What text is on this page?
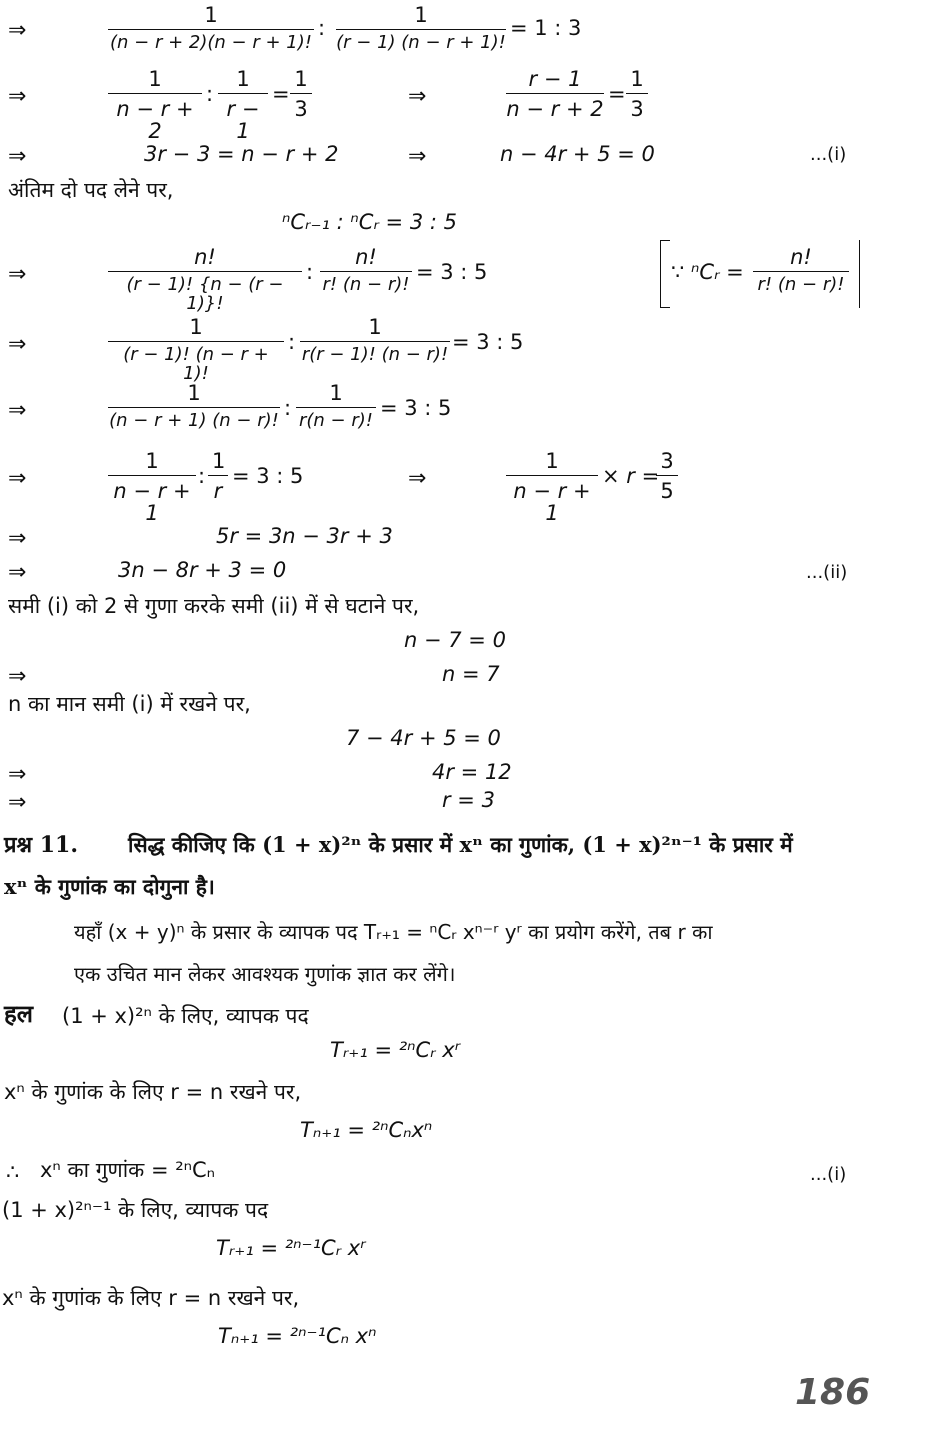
⇒	$\frac{1}{(n - r + 2)(n - r + 1)!}$ : $\frac{1}{(r - 1) (n - r + 1)!} = 1$ : 3
⇒	$\frac{1}{n - r + 2}$ : $\frac{1}{r - 1} = \frac{1}{3}$	⇒	$\frac{r - 1}{n - r + 2} = \frac{1}{3}$
⇒	3r − 3 = n − r + 2	⇒	n − 4r + 5 = 0	...(i)
अंतिम दो पद लेने पर,
ⁿCᵣ₋₁ : ⁿCᵣ = 3 : 5
⇒	$\frac{n!}{(r - 1)! \{n - (r - 1)\}!}$ : $\frac{n!}{r! (n - r)!} = 3$ : 5	∵ ⁿCᵣ = $\frac{n!}{r! (n - r)!}$
⇒	$\frac{1}{(r - 1)! (n - r + 1)!}$ : $\frac{1}{r(r - 1)! (n - r)!} = 3$ : 5
⇒	$\frac{1}{(n - r + 1) (n - r)!}$ : $\frac{1}{r(n - r)!} = 3$ : 5
⇒	$\frac{1}{n - r + 1}$ : $\frac{1}{r} = 3$ : 5	⇒	$\frac{1}{n - r + 1} \times r$ =
$\frac{3}{5}$
⇒	5r = 3n − 3r + 3
⇒	3n − 8r + 3 = 0	...(ii)
समी (i) को 2 से गुणा करके समी (ii) में से घटाने पर,
n − 7 = 0
⇒	n = 7
n का मान समी (i) में रखने पर,
7 − 4r + 5 = 0
⇒	4r = 12
⇒	r = 3
प्रश्न 11. सिद्ध कीजिए कि (1 + x)²ⁿ के प्रसार में xⁿ का गुणांक, (1 + x)²ⁿ⁻¹ के प्रसार में
xⁿ के गुणांक का दोगुना है।
यहाँ (x + y)ⁿ के प्रसार के व्यापक पद Tᵣ₊₁ = ⁿCᵣ xⁿ⁻ʳ yʳ का प्रयोग करेंगे, तब r का
एक उचित मान लेकर आवश्यक गुणांक ज्ञात कर लेंगे।
हल (1 + x)²ⁿ के लिए, व्यापक पद
Tᵣ₊₁ = ²ⁿCᵣ xʳ
xⁿ के गुणांक के लिए r = n रखने पर,
Tₙ₊₁ = ²ⁿCₙxⁿ
∴ xⁿ का गुणांक = ²ⁿCₙ	...(i)
(1 + x)²ⁿ⁻¹ के लिए, व्यापक पद
Tᵣ₊₁ = ²ⁿ⁻¹Cᵣ xʳ
xⁿ के गुणांक के लिए r = n रखने पर,
Tₙ₊₁ = ²ⁿ⁻¹Cₙ xⁿ
186
